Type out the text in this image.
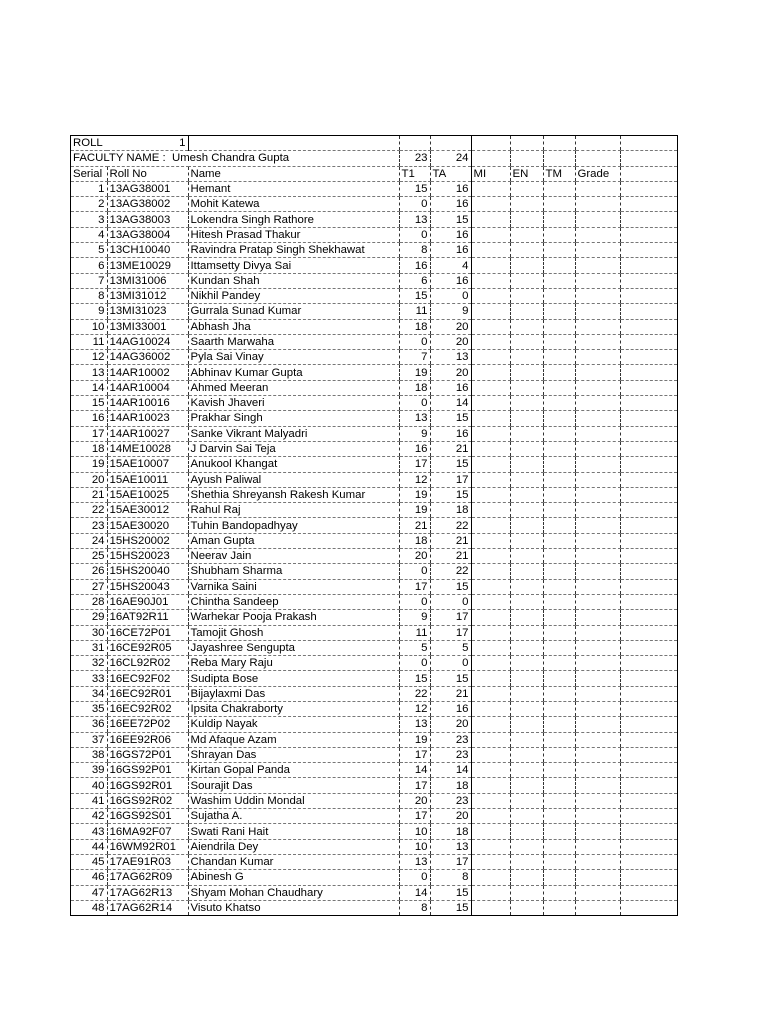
ROLL	1								
FACULTY NAME : Umesh Chandra Gupta			23	24					
Serial	Roll No	Name	T1	TA	MI	EN	TM	Grade	
1	13AG38001	Hemant	15	16					
2	13AG38002	Mohit Katewa	0	16					
3	13AG38003	Lokendra Singh Rathore	13	15					
4	13AG38004	Hitesh Prasad Thakur	0	16					
5	13CH10040	Ravindra Pratap Singh Shekhawat	8	16					
6	13ME10029	Ittamsetty Divya Sai	16	4					
7	13MI31006	Kundan Shah	6	16					
8	13MI31012	Nikhil Pandey	15	0					
9	13MI31023	Gurrala Sunad Kumar	11	9					
10	13MI33001	Abhash Jha	18	20					
11	14AG10024	Saarth Marwaha	0	20					
12	14AG36002	Pyla Sai Vinay	7	13					
13	14AR10002	Abhinav Kumar Gupta	19	20					
14	14AR10004	Ahmed Meeran	18	16					
15	14AR10016	Kavish Jhaveri	0	14					
16	14AR10023	Prakhar Singh	13	15					
17	14AR10027	Sanke Vikrant Malyadri	9	16					
18	14ME10028	J Darvin Sai Teja	16	21					
19	15AE10007	Anukool Khangat	17	15					
20	15AE10011	Ayush Paliwal	12	17					
21	15AE10025	Shethia Shreyansh Rakesh Kumar	19	15					
22	15AE30012	Rahul Raj	19	18					
23	15AE30020	Tuhin Bandopadhyay	21	22					
24	15HS20002	Aman Gupta	18	21					
25	15HS20023	Neerav Jain	20	21					
26	15HS20040	Shubham Sharma	0	22					
27	15HS20043	Varnika Saini	17	15					
28	16AE90J01	Chintha Sandeep	0	0					
29	16AT92R11	Warhekar Pooja Prakash	9	17					
30	16CE72P01	Tamojit Ghosh	11	17					
31	16CE92R05	Jayashree Sengupta	5	5					
32	16CL92R02	Reba Mary Raju	0	0					
33	16EC92F02	Sudipta Bose	15	15					
34	16EC92R01	Bijaylaxmi Das	22	21					
35	16EC92R02	Ipsita Chakraborty	12	16					
36	16EE72P02	Kuldip Nayak	13	20					
37	16EE92R06	Md Afaque Azam	19	23					
38	16GS72P01	Shrayan Das	17	23					
39	16GS92P01	Kirtan Gopal Panda	14	14					
40	16GS92R01	Sourajit Das	17	18					
41	16GS92R02	Washim Uddin Mondal	20	23					
42	16GS92S01	Sujatha A.	17	20					
43	16MA92F07	Swati Rani Hait	10	18					
44	16WM92R01	Aiendrila Dey	10	13					
45	17AE91R03	Chandan Kumar	13	17					
46	17AG62R09	Abinesh G	0	8					
47	17AG62R13	Shyam Mohan Chaudhary	14	15					
48	17AG62R14	Visuto Khatso	8	15					
